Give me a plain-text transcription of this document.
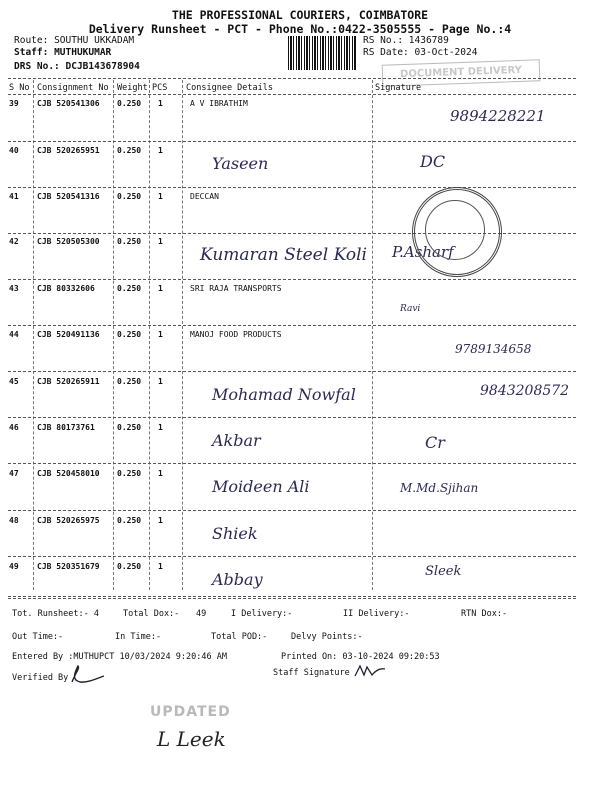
THE PROFESSIONAL COURIERS, COIMBATORE
Delivery Runsheet - PCT - Phone No.:0422-3505555 - Page No.:4
Route: SOUTHU UKKADAM
Staff: MUTHUKUMAR
DRS No.: DCJB143678904
RS No.: 1436789
RS Date: 03-Oct-2024
DOCUMENT DELIVERY
S No Consignment No Weight PCS Consignee Details	Signature
39 CJB 520541306 0.250 1	A V IBRATHIM
9894228221
40 CJB 520265951 0.250 1
Yaseen	DC
41 CJB 520541316 0.250 1	DECCAN
42 CJB 520505300 0.250 1
Kumaran Steel Koli P.Asharf
43 CJB 80332606	0.250 1	SRI RAJA TRANSPORTS
Ravi
44 CJB 520491136 0.250 1	MANOJ FOOD PRODUCTS
9789134658
45 CJB 520265911 0.250 1
Mohamad Nowfal	9843208572
46 CJB 80173761	0.250 1
Akbar	Cr
47 CJB 520458010 0.250 1
Moideen Ali	M.Md.Sjihan
48 CJB 520265975 0.250 1
Shiek
49 CJB 520351679 0.250 1
Abbay	Sleek
Tot. Runsheet:- 4	Total Dox:- 49	I Delivery:-	II Delivery:-	RTN Dox:-
Out Time:-	In Time:-	Total POD:-	Delvy Points:-
Entered By :MUTHUPCT 10/03/2024 9:20:46 AM	Printed On: 03-10-2024 09:20:53
Verified By	Staff Signature
UPDATED
L Leek
